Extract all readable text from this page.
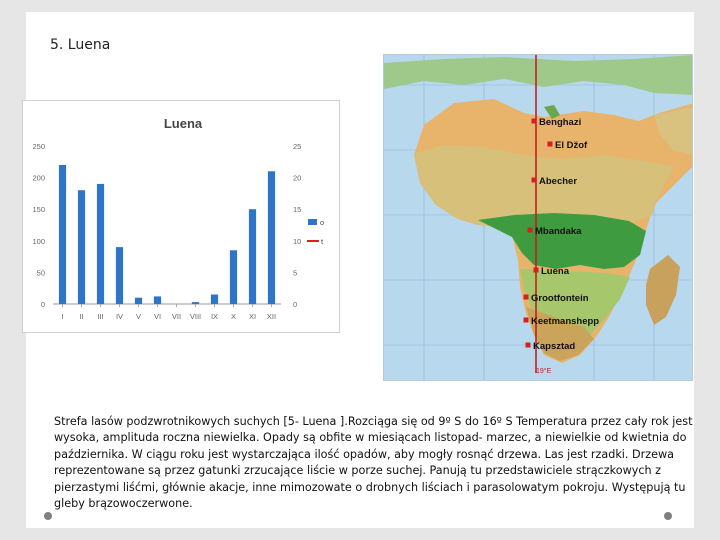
5. Luena
Luena
0
50
100
150
200
250
0
5
10
15
20
25
I II III IV V VI VII VIII IX X XI XII
o
t
19°E
Benghazi
El Džof
Abecher
Mbandaka
Luena
Grootfontein
Keetmanshepp
Kapsztad
Strefa lasów podzwrotnikowych suchych [5- Luena ].Rozciąga się od 9º S do 16º S Temperatura przez cały rok jest wysoka, amplituda roczna niewielka. Opady są obfite w miesiącach listopad- marzec, a niewielkie od kwietnia do października. W ciągu roku jest wystarczająca ilość opadów, aby mogły rosnąć drzewa. Las jest rzadki. Drzewa reprezentowane są przez gatunki zrzucające liście w porze suchej. Panują tu przedstawiciele strączkowych z pierzastymi liśćmi, głównie akacje, inne mimozowate o drobnych liściach i parasolowatym pokroju. Występują tu gleby brązowoczerwone.
